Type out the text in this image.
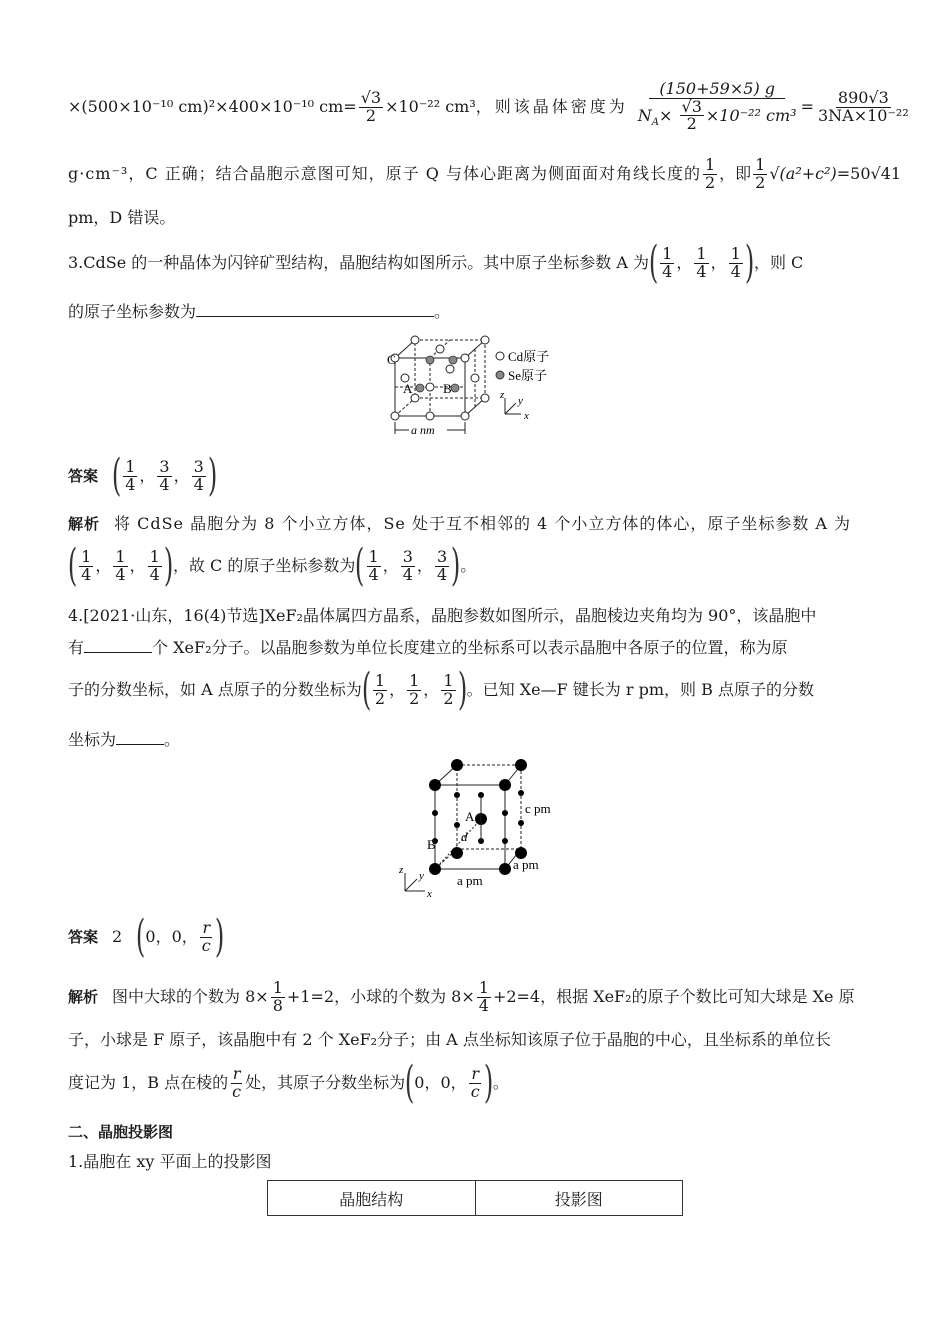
×(500×10⁻¹⁰ cm)²×400×10⁻¹⁰ $cm= \frac{√3}{2} \times 10^{-22}$ cm³ ，则该晶体密度为 $\frac{(150+59\times 5) g}{N_A\times \frac{√3}{2} \times 10^{-22} cm^3} = \frac{890√3}{\text{3NA×10⁻²²}}$
g·cm⁻³，C 正确；结合晶胞示意图可知，原子 Q 与体心距离为侧面面对角线长度的 $\frac{1}{2}$ ，即 $\frac{1}{2} √(a^2+c^2) =50√41$
pm，D 错误。
3.CdSe 的一种晶体为闪锌矿型结构，晶胞结构如图所示。其中原子坐标参数 A 为 ( $\frac{1}{4}$ ， $\frac{1}{4}$ ， $\frac{1}{4}$ ) ，则 C
的原子坐标参数为	。
C
A B
Cd原子
Se原子
z y
x
a nm
答案 ( $\frac{1}{4}$ ， $\frac{3}{4}$ ， $\frac{3}{4}$ )
解析 将 CdSe 晶胞分为 8 个小立方体，Se 处于互不相邻的 4 个小立方体的体心，原子坐标参数 A 为
( $\frac{1}{4}$ ， $\frac{1}{4}$ ， $\frac{1}{4}$ ) ，故 C 的原子坐标参数为 ( $\frac{1}{4}$ ， $\frac{3}{4}$ ， $\frac{3}{4}$ ) 。
4.[2021·山东，16(4)节选]XeF₂晶体属四方晶系，晶胞参数如图所示，晶胞棱边夹角均为 90°，该晶胞中
有	个 XeF₂分子。以晶胞参数为单位长度建立的坐标系可以表示晶胞中各原子的位置，称为原
子的分数坐标，如 A 点原子的分数坐标为 ( $\frac{1}{2}$ ， $\frac{1}{2}$ ， $\frac{1}{2}$ ) 。已知 Xe—F 键长为 r pm，则 B 点原子的分数
坐标为	。
A
B
d
c pm
a pm
a pm
z y
x
答案 2 ( 0 ， 0 ， $\frac{r}{c}$ )
解析 图中大球的个数为 $8\times \frac{1}{8} +1=2$，小球的个数为 $8\times \frac{1}{4} +2=4$，根据 XeF₂的原子个数比可知大球是 Xe 原
子，小球是 F 原子，该晶胞中有 2 个 XeF₂分子；由 A 点坐标知该原子位于晶胞的中心，且坐标系的单位长
度记为 1，B 点在棱的 $\frac{r}{c}$ 处，其原子分数坐标为 ( 0 ， 0 ， $\frac{r}{c}$ ) 。
二、晶胞投影图
1.晶胞在 xy 平面上的投影图
晶胞结构	投影图
